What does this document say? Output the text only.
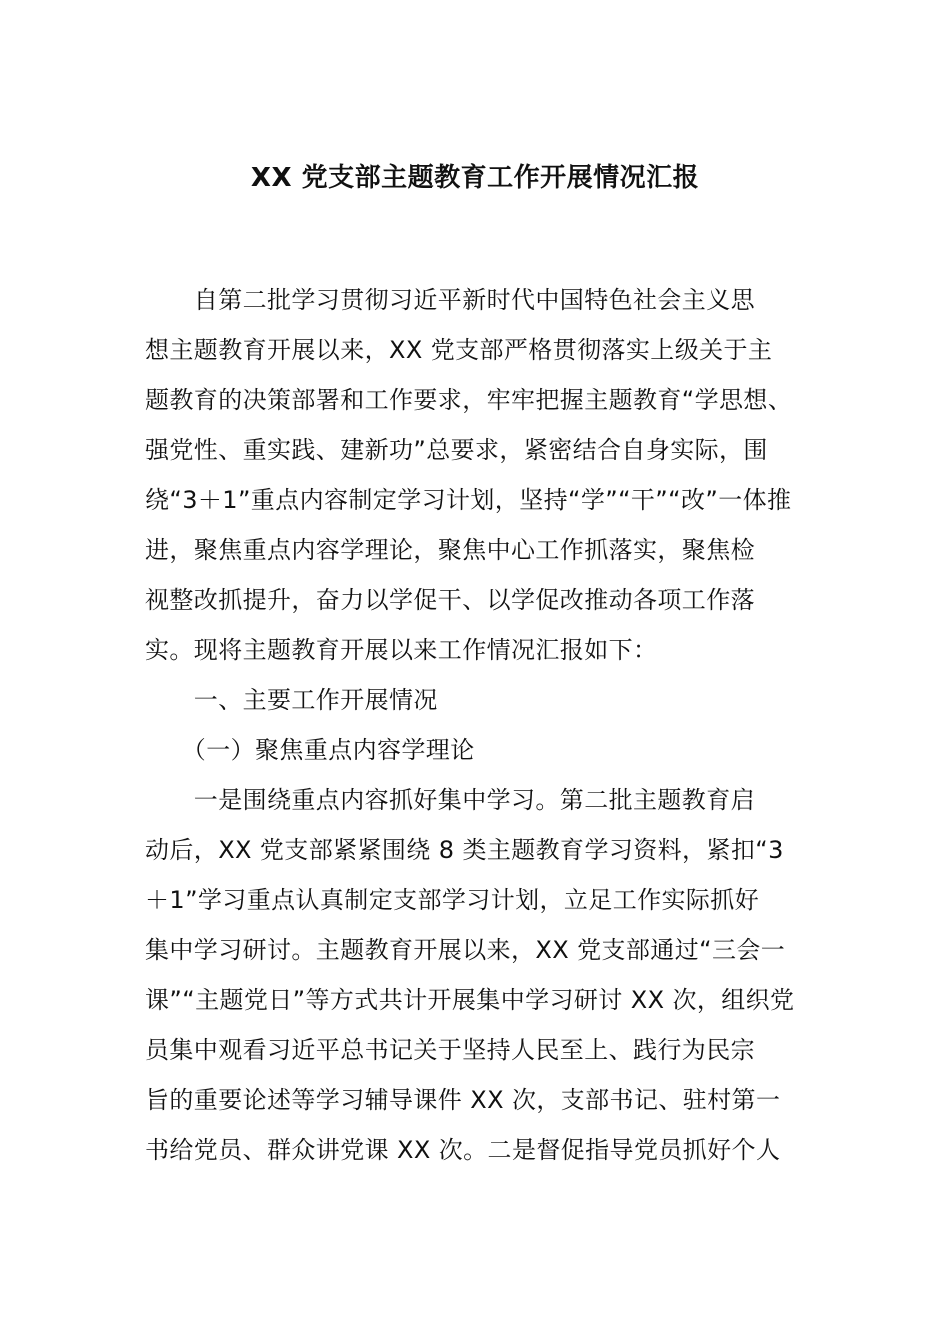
XX 党支部主题教育工作开展情况汇报
　　自第二批学习贯彻习近平新时代中国特色社会主义思
想主题教育开展以来，XX 党支部严格贯彻落实上级关于主
题教育的决策部署和工作要求，牢牢把握主题教育“学思想、
强党性、重实践、建新功”总要求，紧密结合自身实际，围
绕“3＋1”重点内容制定学习计划，坚持“学”“干”“改”一体推
进，聚焦重点内容学理论，聚焦中心工作抓落实，聚焦检
视整改抓提升，奋力以学促干、以学促改推动各项工作落
实。现将主题教育开展以来工作情况汇报如下：
　　一、主要工作开展情况
　　（一）聚焦重点内容学理论
　　一是围绕重点内容抓好集中学习。第二批主题教育启
动后，XX 党支部紧紧围绕 8 类主题教育学习资料，紧扣“3
＋1”学习重点认真制定支部学习计划，立足工作实际抓好
集中学习研讨。主题教育开展以来，XX 党支部通过“三会一
课”“主题党日”等方式共计开展集中学习研讨 XX 次，组织党
员集中观看习近平总书记关于坚持人民至上、践行为民宗
旨的重要论述等学习辅导课件 XX 次，支部书记、驻村第一
书给党员、群众讲党课 XX 次。二是督促指导党员抓好个人
